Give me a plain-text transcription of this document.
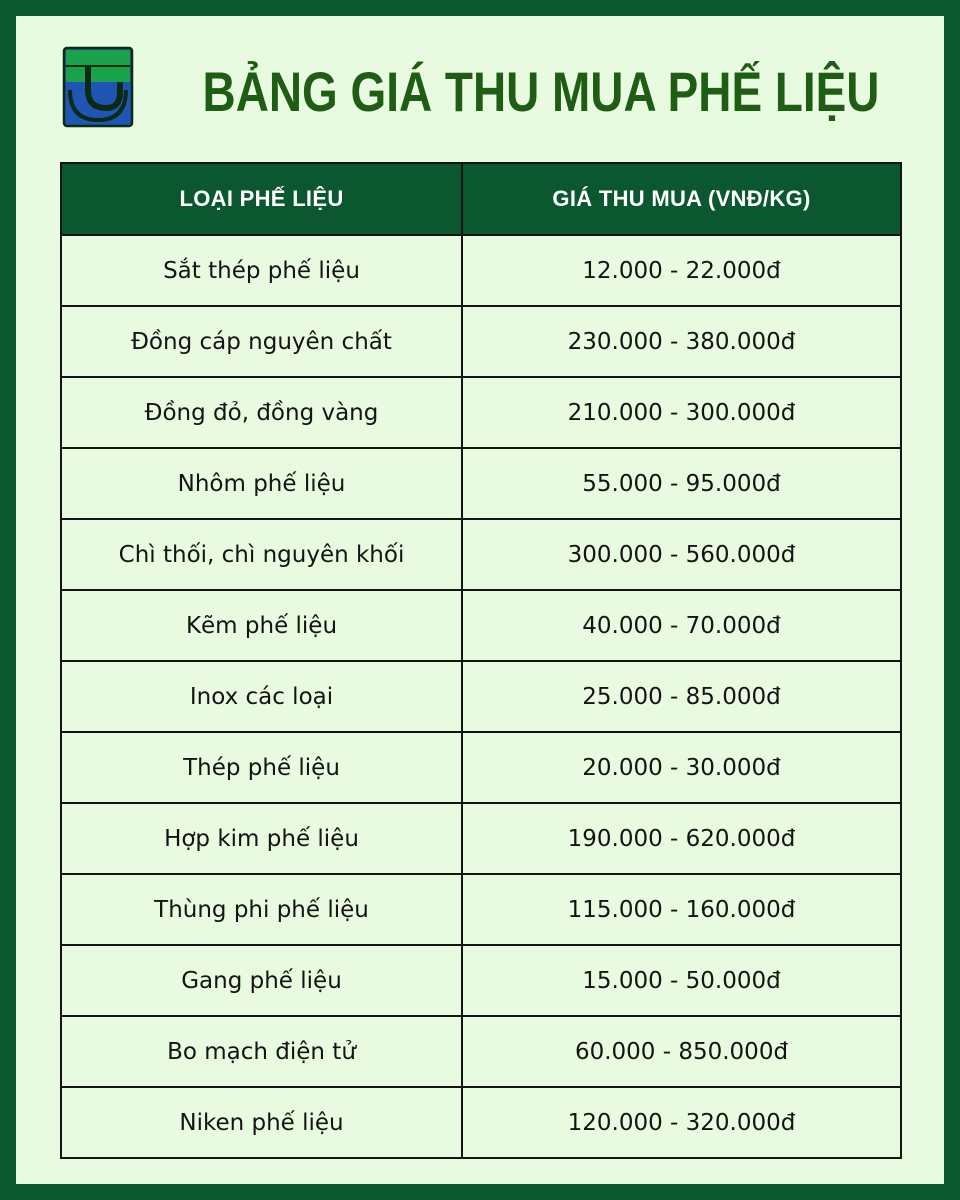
BẢNG GIÁ THU MUA PHẾ LIỆU
LOẠI PHẾ LIỆU	GIÁ THU MUA (VNĐ/KG)
Sắt thép phế liệu	12.000 - 22.000đ
Đồng cáp nguyên chất	230.000 - 380.000đ
Đồng đỏ, đồng vàng	210.000 - 300.000đ
Nhôm phế liệu	55.000 - 95.000đ
Chì thối, chì nguyên khối	300.000 - 560.000đ
Kẽm phế liệu	40.000 - 70.000đ
Inox các loại	25.000 - 85.000đ
Thép phế liệu	20.000 - 30.000đ
Hợp kim phế liệu	190.000 - 620.000đ
Thùng phi phế liệu	115.000 - 160.000đ
Gang phế liệu	15.000 - 50.000đ
Bo mạch điện tử	60.000 - 850.000đ
Niken phế liệu	120.000 - 320.000đ
